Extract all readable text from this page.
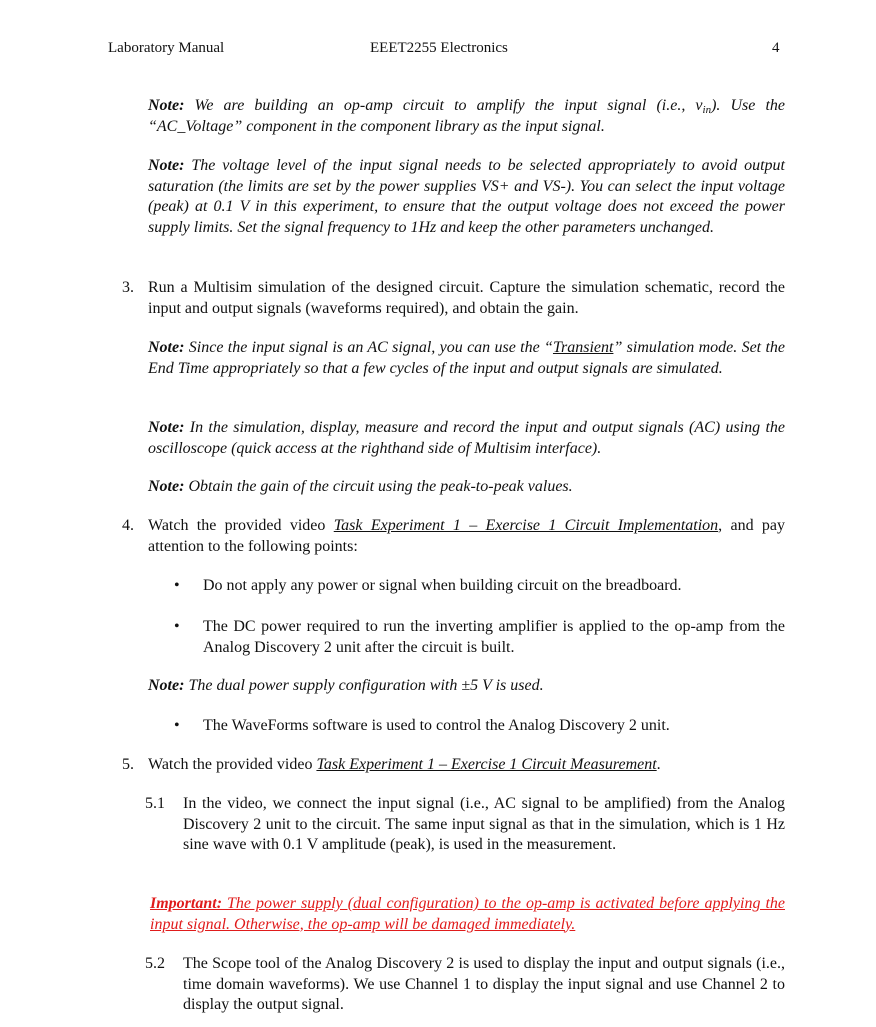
Laboratory Manual	EEET2255 Electronics	4

Note: We are building an op-amp circuit to amplify the input signal (i.e., $v_{in}$). Use the “AC_Voltage” component in the component library as the input signal.

Note: The voltage level of the input signal needs to be selected appropriately to avoid output saturation (the limits are set by the power supplies VS+ and VS-). You can select the input voltage (peak) at 0.1 V in this experiment, to ensure that the output voltage does not exceed the power supply limits. Set the signal frequency to 1Hz and keep the other parameters unchanged.

3. Run a Multisim simulation of the designed circuit. Capture the simulation schematic, record the input and output signals (waveforms required), and obtain the gain.

Note: Since the input signal is an AC signal, you can use the “Transient” simulation mode. Set the End Time appropriately so that a few cycles of the input and output signals are simulated.

Note: In the simulation, display, measure and record the input and output signals (AC) using the oscilloscope (quick access at the righthand side of Multisim interface).

Note: Obtain the gain of the circuit using the peak-to-peak values.

4. Watch the provided video Task Experiment 1 – Exercise 1 Circuit Implementation, and pay attention to the following points:
• Do not apply any power or signal when building circuit on the breadboard.
• The DC power required to run the inverting amplifier is applied to the op-amp from the Analog Discovery 2 unit after the circuit is built.

Note: The dual power supply configuration with ±5 V is used.

• The WaveForms software is used to control the Analog Discovery 2 unit.
5. Watch the provided video Task Experiment 1 – Exercise 1 Circuit Measurement.
5.1 In the video, we connect the input signal (i.e., AC signal to be amplified) from the Analog Discovery 2 unit to the circuit. The same input signal as that in the simulation, which is 1 Hz sine wave with 0.1 V amplitude (peak), is used in the measurement.

Important: The power supply (dual configuration) to the op-amp is activated before applying the input signal. Otherwise, the op-amp will be damaged immediately.

5.2 The Scope tool of the Analog Discovery 2 is used to display the input and output signals (i.e., time domain waveforms). We use Channel 1 to display the input signal and use Channel 2 to display the output signal.
